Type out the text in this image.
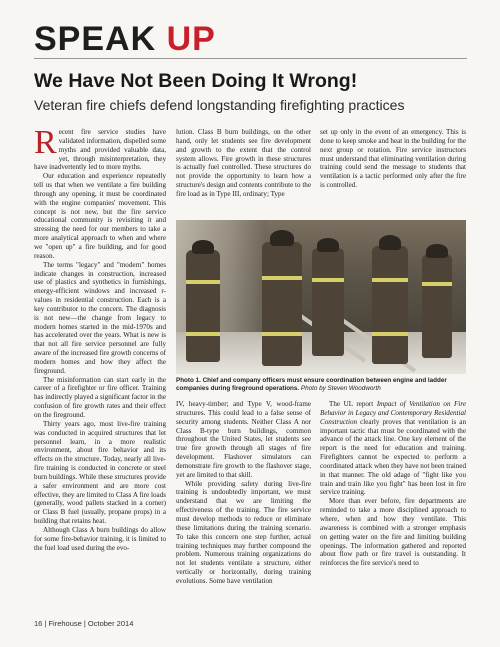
SPEAK UP
We Have Not Been Doing It Wrong!
Veteran fire chiefs defend longstanding firefighting practices

Recent fire service studies have validated information, dispelled some myths and provided valuable data, yet, through misinterpretation, they have inadvertently led to more myths.

Our education and experience repeatedly tell us that when we ventilate a fire building through any opening, it must be coordinated with the engine companies' movement. This concept is not new, but the fire service educational community is revisiting it and stressing the need for our members to take a more analytical approach to when and where we "open up" a fire building, and for good reason.

The terms "legacy" and "modern" homes indicate changes in construction, increased use of plastics and synthetics in furnishings, energy-efficient windows and increased r-values in residential construction. Each is a key contributor to the concern. The diagnosis is not new—the change from legacy to modern homes started in the mid-1970s and has accelerated over the years. What is new is that not all fire service personnel are fully aware of the increased fire growth concerns of modern homes and how they affect the fireground.

The misinformation can start early in the career of a firefighter or fire officer. Training has indirectly played a significant factor in the confusion of fire growth rates and their effect on the fireground.

Thirty years ago, most live-fire training was conducted in acquired structures that let personnel learn, in a more realistic environment, about fire behavior and its effects on the structure. Today, nearly all live-fire training is conducted in concrete or steel burn buildings. While these structures provide a safer environment and are more cost effective, they are limited to Class A fire loads (generally, wood pallets stacked in a corner) or Class B fuel (usually, propane props) in a building that retains heat.

Although Class A burn buildings do allow for some fire-behavior training, it is limited to the fuel load used during the evo-

lution. Class B burn buildings, on the other hand, only let students see fire development and growth to the extent that the control system allows. Fire growth in these structures is actually fuel controlled. These structures do not provide the opportunity to learn how a structure's design and contents contribute to the fire load as in Type III, ordinary; Type

set up only in the event of an emergency. This is done to keep smoke and heat in the building for the next group or rotation. Fire service instructors must understand that eliminating ventilation during training could send the message to students that ventilation is a tactic performed only after the fire is controlled.

Photo 1. Chief and company officers must ensure coordination between engine and ladder companies during fireground operations. Photo by Steven Woodworth

IV, heavy-timber; and Type V, wood-frame structures. This could lead to a false sense of security among students. Neither Class A nor Class B-type burn buildings, common throughout the United States, let students see true fire growth through all stages of fire development. Flashover simulators can demonstrate fire growth to the flashover stage, yet are limited to that skill.

While providing safety during live-fire training is undoubtedly important, we must understand that we are limiting the effectiveness of the training. The fire service must develop methods to reduce or eliminate these limitations during the training scenario. To take this concern one step further, actual training techniques may further compound the problem. Numerous training organizations do not let students ventilate a structure, either vertically or horizontally, during training evolutions. Some have ventilation

The UL report Impact of Ventilation on Fire Behavior in Legacy and Contemporary Residential Construction clearly proves that ventilation is an important tactic that must be coordinated with the advance of the attack line. One key element of the report is the need for education and training. Firefighters cannot be expected to perform a coordinated attack when they have not been trained in that manner. The old adage of "fight like you train and train like you fight" has been lost in fire service training.

More than ever before, fire departments are reminded to take a more disciplined approach to where, when and how they ventilate. This awareness is combined with a stronger emphasis on getting water on the fire and limiting building openings. The information gathered and reported about flow path or fire travel is outstanding. It reinforces the fire service's need to

16 | Firehouse | October 2014
